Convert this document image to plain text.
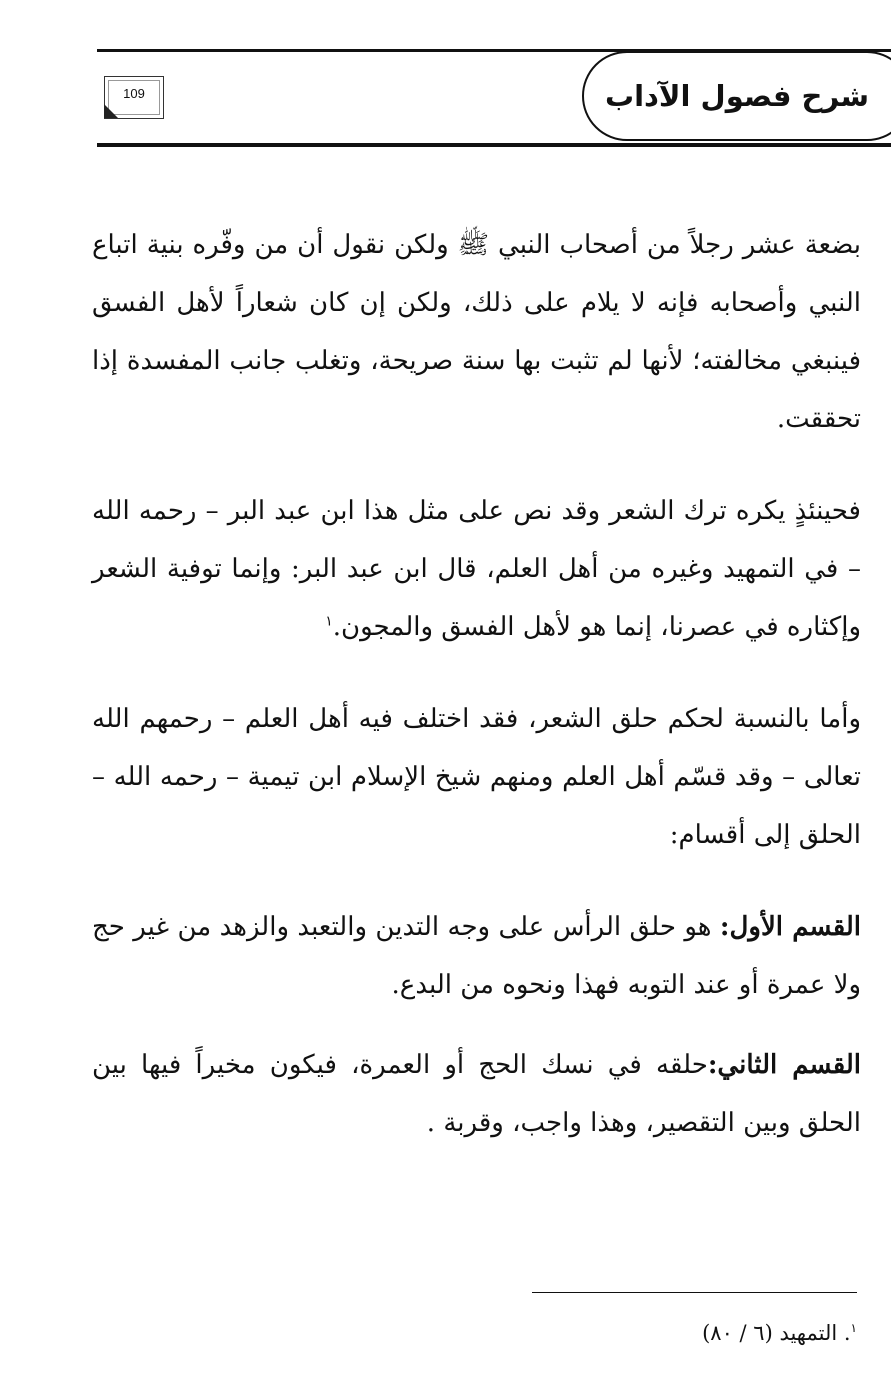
شرح فصول الآداب
109

بضعة عشر رجلاً من أصحاب النبي ﷺ ولكن نقول أن من وفّره بنية اتباع النبي وأصحابه فإنه لا يلام على ذلك، ولكن إن كان شعاراً لأهل الفسق فينبغي مخالفته؛ لأنها لم تثبت بها سنة صريحة، وتغلب جانب المفسدة إذا تحققت.

فحينئذٍ يكره ترك الشعر وقد نص على مثل هذا ابن عبد البر – رحمه الله – في التمهيد وغيره من أهل العلم، قال ابن عبد البر: وإنما توفية الشعر وإكثاره في عصرنا، إنما هو لأهل الفسق والمجون.$^١$

وأما بالنسبة لحكم حلق الشعر، فقد اختلف فيه أهل العلم – رحمهم الله تعالى – وقد قسّم أهل العلم ومنهم شيخ الإسلام ابن تيمية – رحمه الله – الحلق إلى أقسام:

القسم الأول: هو حلق الرأس على وجه التدين والتعبد والزهد من غير حج ولا عمرة أو عند التوبه فهذا ونحوه من البدع.

القسم الثاني:حلقه في نسك الحج أو العمرة، فيكون مخيراً فيها بين الحلق وبين التقصير، وهذا واجب، وقربة .

$^١$. التمهيد (٦ / ٨٠)
